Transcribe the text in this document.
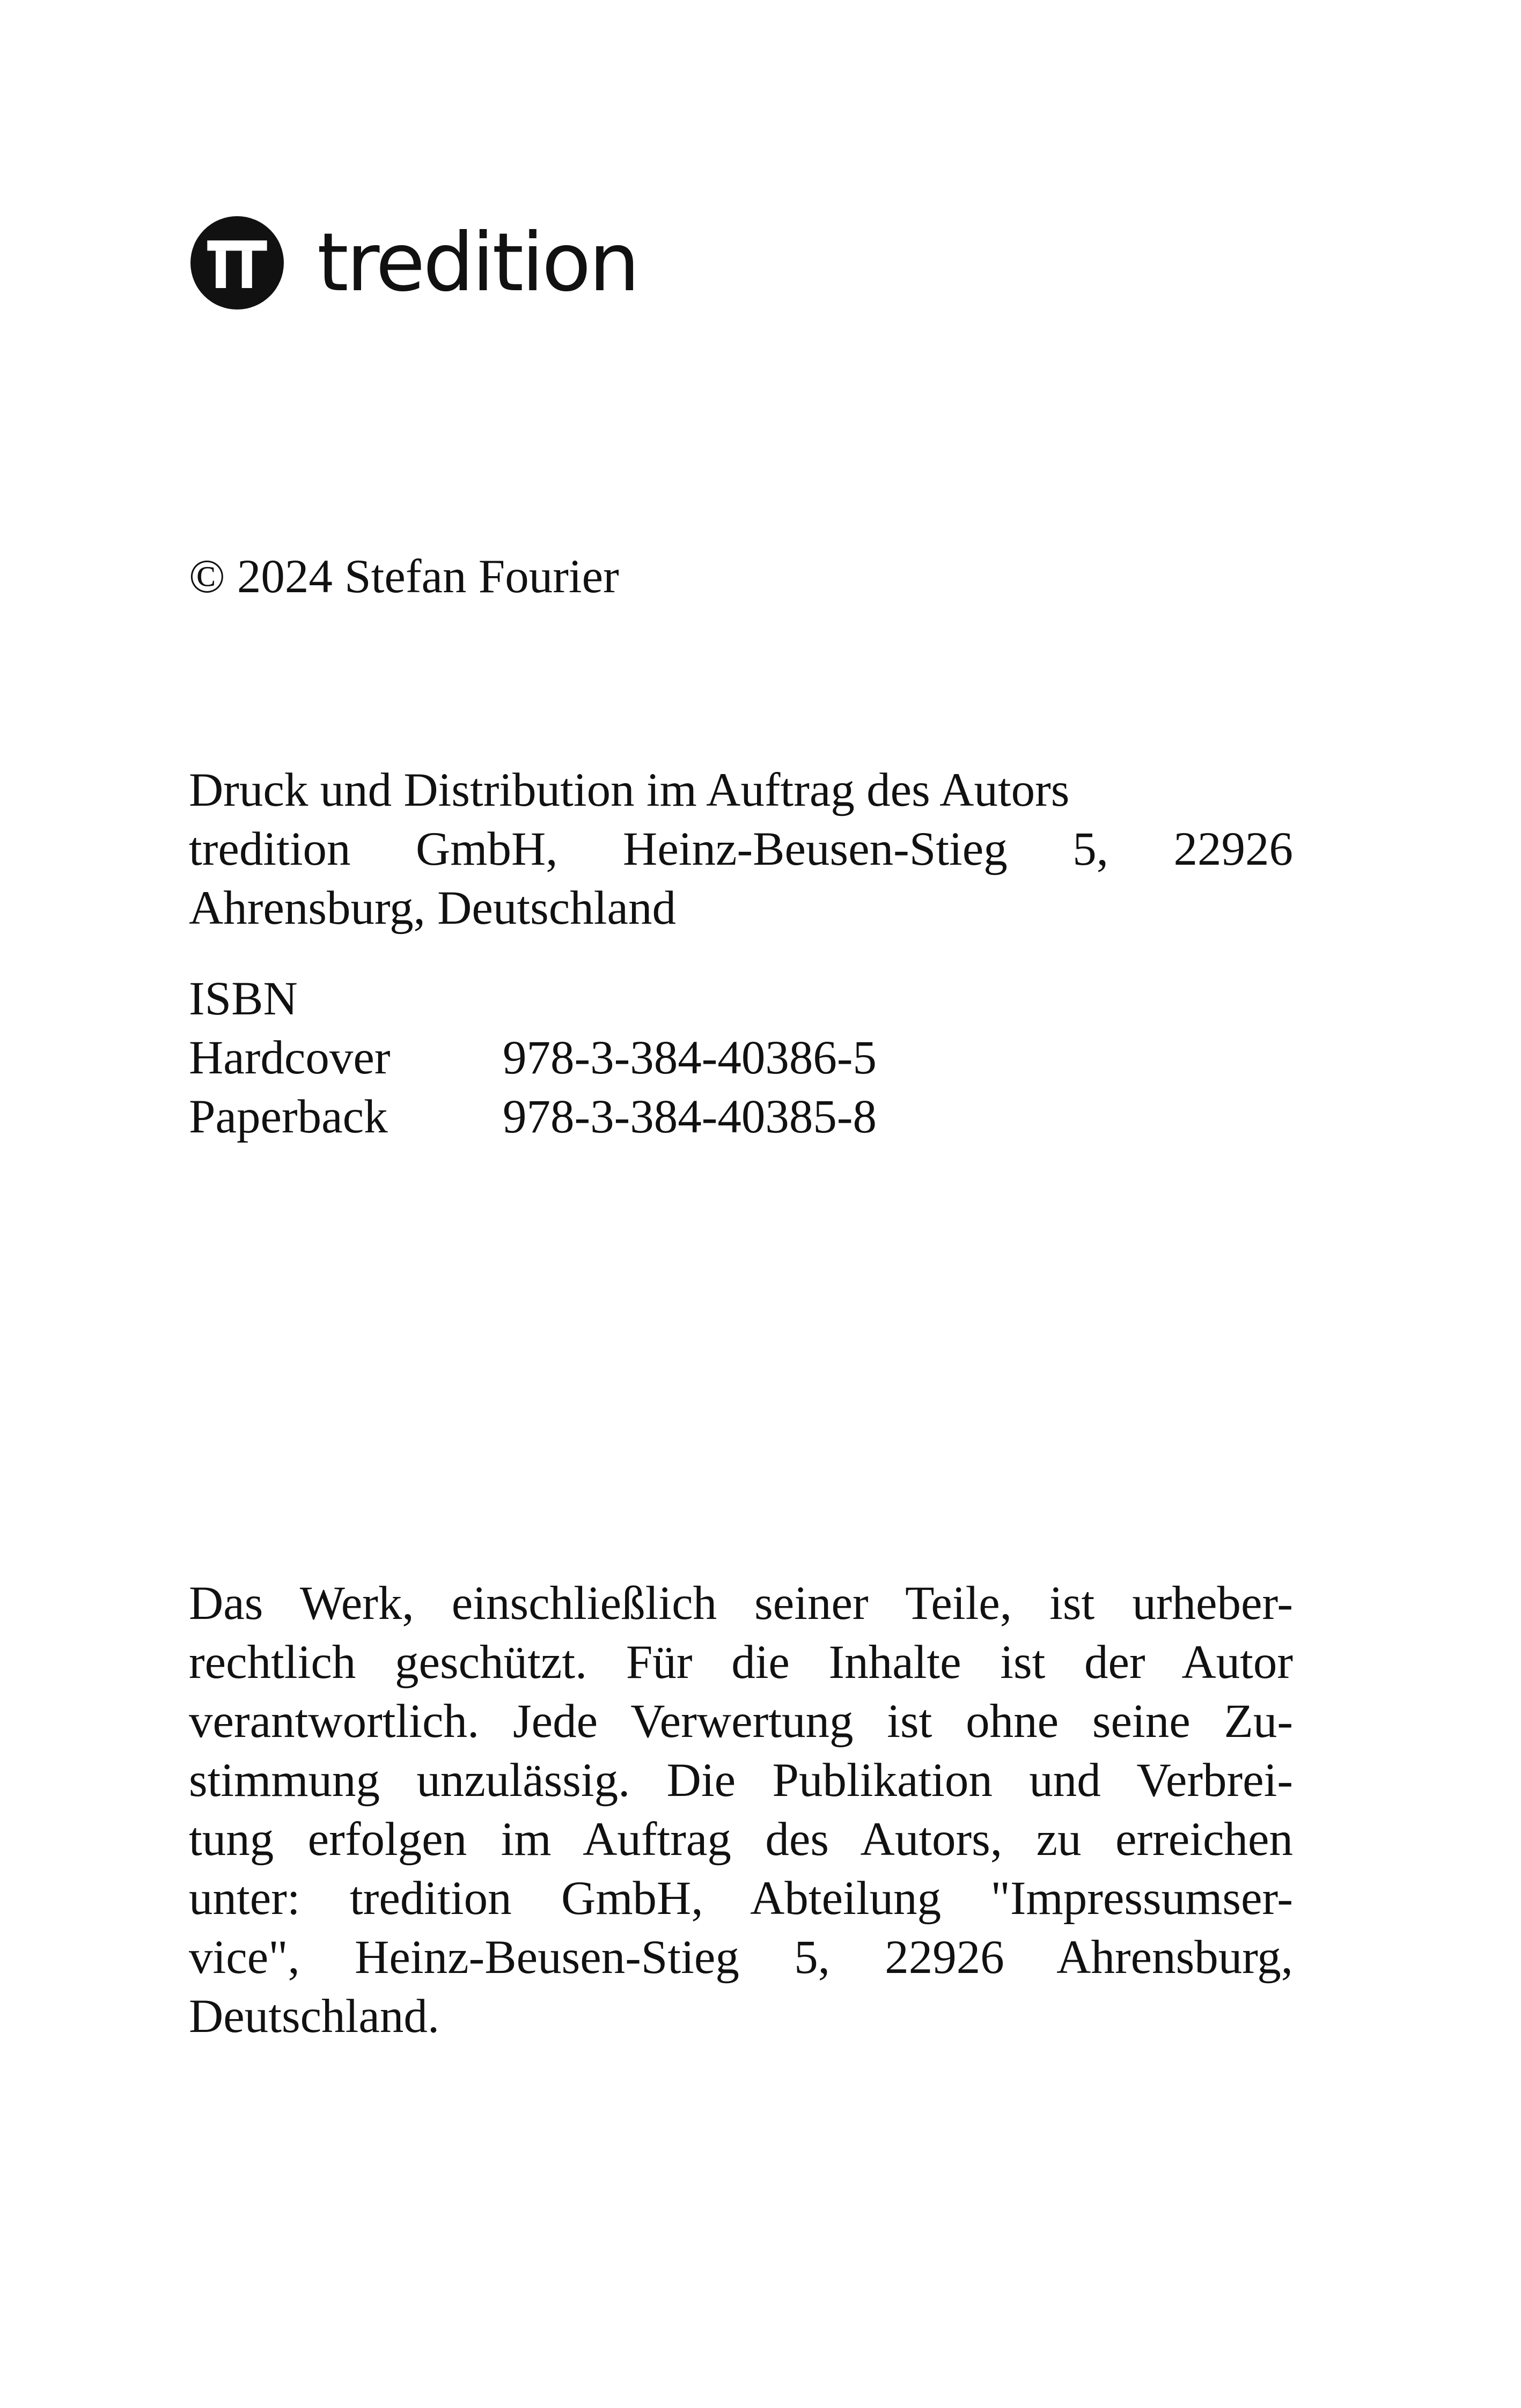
tredition

© 2024 Stefan Fourier

Druck und Distribution im Auftrag des Autors
tredition GmbH, Heinz-Beusen-Stieg 5, 22926
Ahrensburg, Deutschland
ISBN
Hardcover	978-3-384-40386-5
Paperback	978-3-384-40385-8
Das Werk, einschließlich seiner Teile, ist urheber-
rechtlich geschützt. Für die Inhalte ist der Autor
verantwortlich. Jede Verwertung ist ohne seine Zu-
stimmung unzulässig. Die Publikation und Verbrei-
tung erfolgen im Auftrag des Autors, zu erreichen
unter: tredition GmbH, Abteilung "Impressumser-
vice", Heinz-Beusen-Stieg 5, 22926 Ahrensburg,
Deutschland.
